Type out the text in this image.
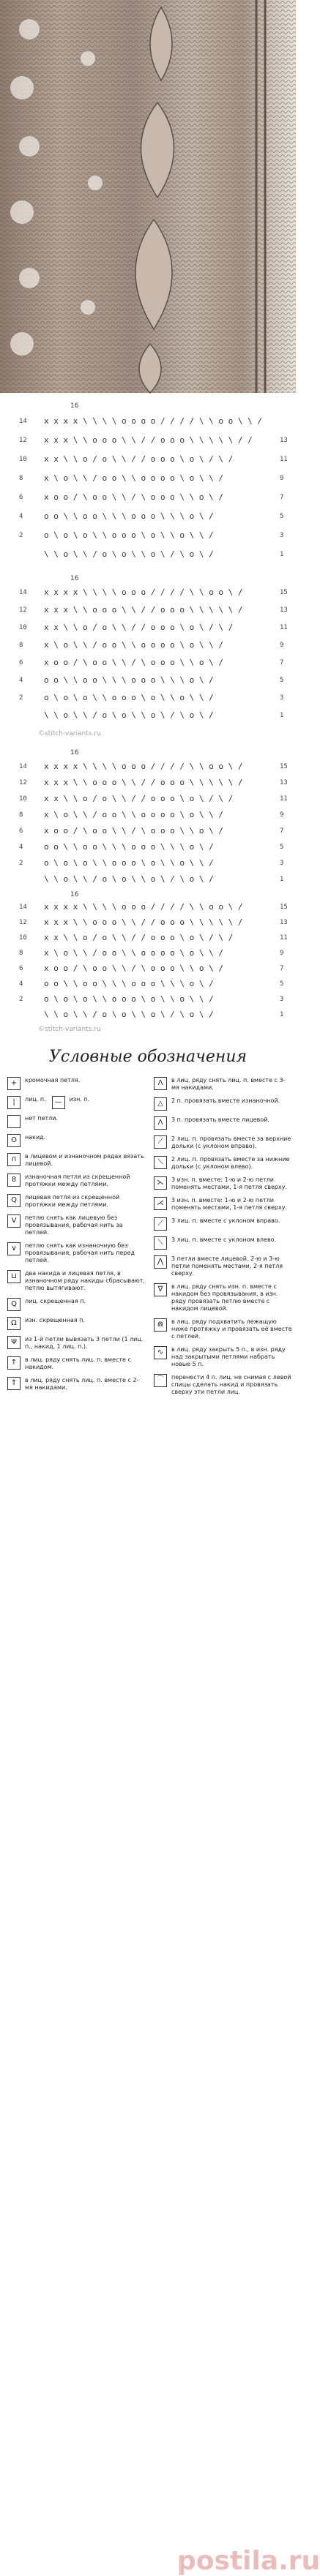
16
14 x x x x \ \ \ \ o o o o / / / / \ \ o o \ \ /
12 x x x \ \ o o o \ \ / / o o o \ \ \ \ \ / /	13
10 x x \ \ o / o \ \ / / o o o \ o \ / \ /	11
8	x \ o \ \ / o o \ \ o o o o \ o \ \ /	9
6	x o o / \ o o \ \ / \ o o o \ \ o \ /	7
4	o o \ \ o o \ \ \ o o o \ \ \ o \ /	5
2	o \ o \ o \ \ o o o \ o \ \ o \ \ /	3
\ \ o \ \ / o \ o \ \ o \ / \ o \ /	1
16
14 x x x x \ \ \ \ o o o / / / / \ \ o o \ /	15
12 x x x \ \ o o o \ \ / / o o o \ \ \ \ \ /	13
10 x x \ \ o / o \ \ / / o o o \ o \ / \ /	11
8	x \ o \ \ / o o \ \ o o o o \ o \ \ /	9
6	x o o / \ o o \ \ / \ o o o \ \ o \ /	7
4	o o \ \ o o \ \ \ o o o \ \ \ o \ /	5
2	o \ o \ o \ \ o o o \ o \ \ o \ \ /	3
\ \ o \ \ / o \ o \ \ o \ / \ o \ /	1
©stitch-variants.ru
16
14 x x x x \ \ \ \ o o o / / / / \ \ o o \ /	15
12 x x x \ \ o o o \ \ / / o o o \ \ \ \ \ /	13
10 x x \ \ o / o \ \ / / o o o \ o \ / \ /	11
8	x \ o \ \ / o o \ \ o o o o \ o \ \ /	9
6	x o o / \ o o \ \ / \ o o o \ \ o \ /	7
4	o o \ \ o o \ \ \ o o o \ \ \ o \ /	5
2	o \ o \ o \ \ o o o \ o \ \ o \ \ /	3
\ \ o \ \ / o \ o \ \ o \ / \ o \ /	1
16
14 x x x x \ \ \ \ o o o / / / / \ \ o o \ /	15
12 x x x \ \ o o o \ \ / / o o o \ \ \ \ \ /	13
10 x x \ \ o / o \ \ / / o o o \ o \ / \ /	11
8	x \ o \ \ / o o \ \ o o o o \ o \ \ /	9
6	x o o / \ o o \ \ / \ o o o \ \ o \ /	7
4	o o \ \ o o \ \ \ o o o \ \ \ o \ /	5
2	o \ o \ o \ \ o o o \ o \ \ o \ \ /	3
\ \ o \ \ / o \ o \ \ o \ / \ o \ /	1
©stitch-variants.ru
Условные обозначения
+	кромочная петля.
|	лиц. п.	—	изн. п.
нет петли.
O	накид.
∩	в лицевом и изнаночном рядах вязать лицевой.
8	изнаночная петля из скрещенной протяжки между петлями.
Q	лицевая петля из скрещенной протяжки между петлями.
V	петлю снять как лицевую без провязывания, рабочая нить за петлей.
∨	петлю снять как изнаночную без провязывания, рабочая нить перед петлей.
⊔	два накида и лицевая петля, в изнаночном ряду накиды сбрасывают, петлю вытягивают.
Q	лиц. скрещенная п.
Ω	изн. скрещенная п.
Ψ	из 1-й петли вывязать 3 петли (1 лиц. п., накид, 1 лиц. п.).
↑	в лиц. ряду снять лиц. п. вместе с накидом.
⇑	в лиц. ряду снять лиц. п. вместе с 2-мя накидами.
Λ	в лиц. ряду снять лиц. п. вместе с 3-мя накидами.
△	2 п. провязать вместе изнаночной.
Λ	3 п. провязать вместе лицевой.
⟋	2 лиц. п. провязать вместе за верхние дольки (с уклоном вправо).
⟍	2 лиц. п. провязать вместе за нижние дольки (с уклоном влево).
⋋	3 изн. п. вместе: 1-ю и 2-ю петли поменять местами, 1-я петля сверху.
⋌	3 изн. п. вместе: 1-ю и 2-ю петли поменять местами, 1-я петля сверху.
⟋	3 лиц. п. вместе с уклоном вправо.
⟍	3 лиц. п. вместе с уклоном влево.
⋀	3 петли вместе лицевой. 2-ю и 3-ю петли поменять местами, 2-я петля сверху.
∇	в лиц. ряду снять изн. п. вместе с накидом без провязывания, в изн. ряду провязать петлю вместе с накидом лицевой.
⋒	в лиц. ряду подхватить лежащую ниже протяжку и провязать её вместе с петлей.
∿	в лиц. ряду закрыть 5 п., в изн. ряду над закрытыми петлями набрать новые 5 п.
⌒	перенести 4 п. лиц. не снимая с левой спицы сделать накид и провязать сверху эти петли лиц.
postila.ru
